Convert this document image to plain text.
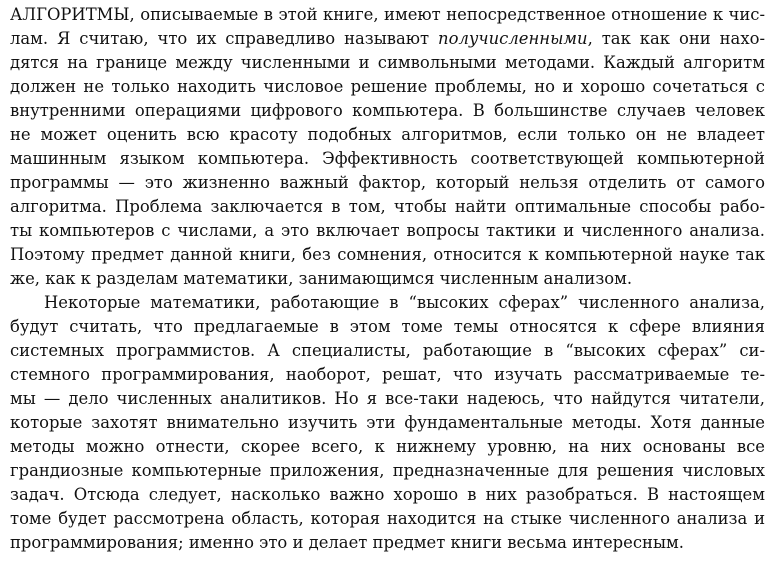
АЛГОРИТМЫ, описываемые в этой книге, имеют непосредственное отношение к чис-
лам. Я считаю, что их справедливо называют получисленными, так как они нахо-
дятся на границе между численными и символьными методами. Каждый алгоритм
должен не только находить числовое решение проблемы, но и хорошо сочетаться с
внутренними операциями цифрового компьютера. В большинстве случаев человек
не может оценить всю красоту подобных алгоритмов, если только он не владеет
машинным языком компьютера. Эффективность соответствующей компьютерной
программы — это жизненно важный фактор, который нельзя отделить от самого
алгоритма. Проблема заключается в том, чтобы найти оптимальные способы рабо-
ты компьютеров с числами, а это включает вопросы тактики и численного анализа.
Поэтому предмет данной книги, без сомнения, относится к компьютерной науке так
же, как к разделам математики, занимающимся численным анализом.
Некоторые математики, работающие в “высоких сферах” численного анализа,
будут считать, что предлагаемые в этом томе темы относятся к сфере влияния
системных программистов. А специалисты, работающие в “высоких сферах” си-
стемного программирования, наоборот, решат, что изучать рассматриваемые те-
мы — дело численных аналитиков. Но я все-таки надеюсь, что найдутся читатели,
которые захотят внимательно изучить эти фундаментальные методы. Хотя данные
методы можно отнести, скорее всего, к нижнему уровню, на них основаны все
грандиозные компьютерные приложения, предназначенные для решения числовых
задач. Отсюда следует, насколько важно хорошо в них разобраться. В настоящем
томе будет рассмотрена область, которая находится на стыке численного анализа и
программирования; именно это и делает предмет книги весьма интересным.
